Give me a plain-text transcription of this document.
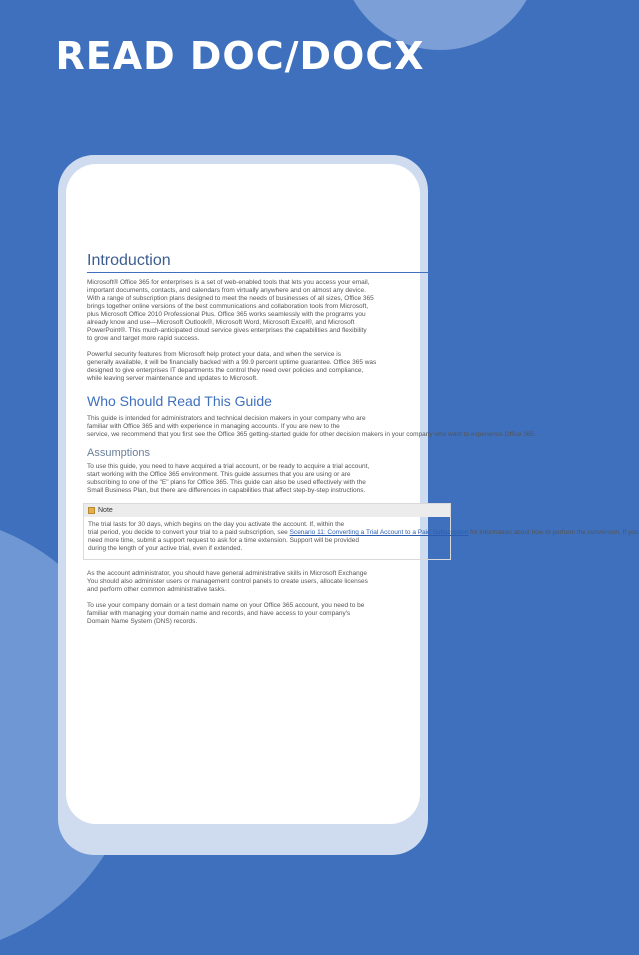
READ DOC/DOCX
Introduction

Microsoft® Office 365 for enterprises is a set of web-enabled tools that lets you access your email,
important documents, contacts, and calendars from virtually anywhere and on almost any device.
With a range of subscription plans designed to meet the needs of businesses of all sizes, Office 365
brings together online versions of the best communications and collaboration tools from Microsoft,
plus Microsoft Office 2010 Professional Plus. Office 365 works seamlessly with the programs you
already know and use—Microsoft Outlook®, Microsoft Word, Microsoft Excel®, and Microsoft
PowerPoint®. This much-anticipated cloud service gives enterprises the capabilities and flexibility
to grow and target more rapid success.

Powerful security features from Microsoft help protect your data, and when the service is
generally available, it will be financially backed with a 99.9 percent uptime guarantee. Office 365 was
designed to give enterprises IT departments the control they need over policies and compliance,
while leaving server maintenance and updates to Microsoft.

Who Should Read This Guide

This guide is intended for administrators and technical decision makers in your company who are
familiar with Office 365 and with experience in managing accounts. If you are new to the
service, we recommend that you first see the Office 365 getting-started guide for other decision makers in your company who want to experience Office 365.

Assumptions

To use this guide, you need to have acquired a trial account, or be ready to acquire a trial account,
start working with the Office 365 environment. This guide assumes that you are using or are
subscribing to one of the "E" plans for Office 365. This guide can also be used effectively with the
Small Business Plan, but there are differences in capabilities that affect step-by-step instructions.

Note

The trial lasts for 30 days, which begins on the day you activate the account. If, within the
trial period, you decide to convert your trial to a paid subscription, see Scenario 11: Converting a Trial Account to a Paid Subscription for information about how to perform the conversion. If you
need more time, submit a support request to ask for a time extension. Support will be provided
during the length of your active trial, even if extended.

As the account administrator, you should have general administrative skills in Microsoft Exchange
You should also administer users or management control panels to create users, allocate licenses
and perform other common administrative tasks.

To use your company domain or a test domain name on your Office 365 account, you need to be
familiar with managing your domain name and records, and have access to your company's
Domain Name System (DNS) records.
